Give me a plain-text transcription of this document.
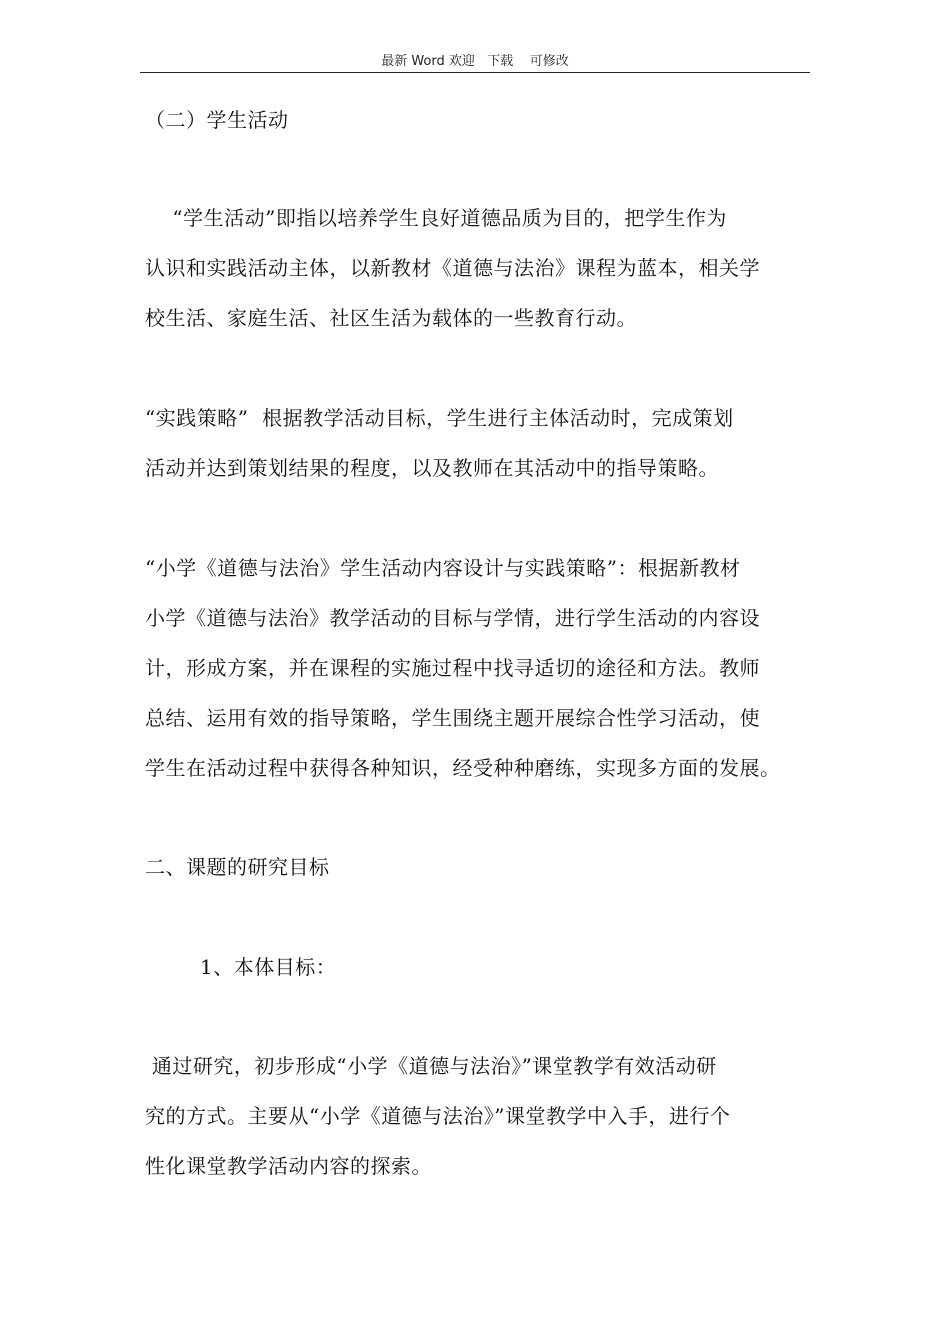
最新 Word 欢迎   下载    可修改

（二）学生活动

“学生活动”即指以培养学生良好道德品质为目的，把学生作为
认识和实践活动主体，以新教材《道德与法治》课程为蓝本，相关学
校生活、家庭生活、社区生活为载体的一些教育行动。

“实践策略”  根据教学活动目标，学生进行主体活动时，完成策划
活动并达到策划结果的程度，以及教师在其活动中的指导策略。

“小学《道德与法治》学生活动内容设计与实践策略”：根据新教材
小学《道德与法治》教学活动的目标与学情，进行学生活动的内容设
计，形成方案，并在课程的实施过程中找寻适切的途径和方法。教师
总结、运用有效的指导策略，学生围绕主题开展综合性学习活动，使
学生在活动过程中获得各种知识，经受种种磨练，实现多方面的发展。

二、课题的研究目标

1、本体目标：

通过研究，初步形成“小学《道德与法治》”课堂教学有效活动研
究的方式。主要从“小学《道德与法治》”课堂教学中入手，进行个
性化课堂教学活动内容的探索。
